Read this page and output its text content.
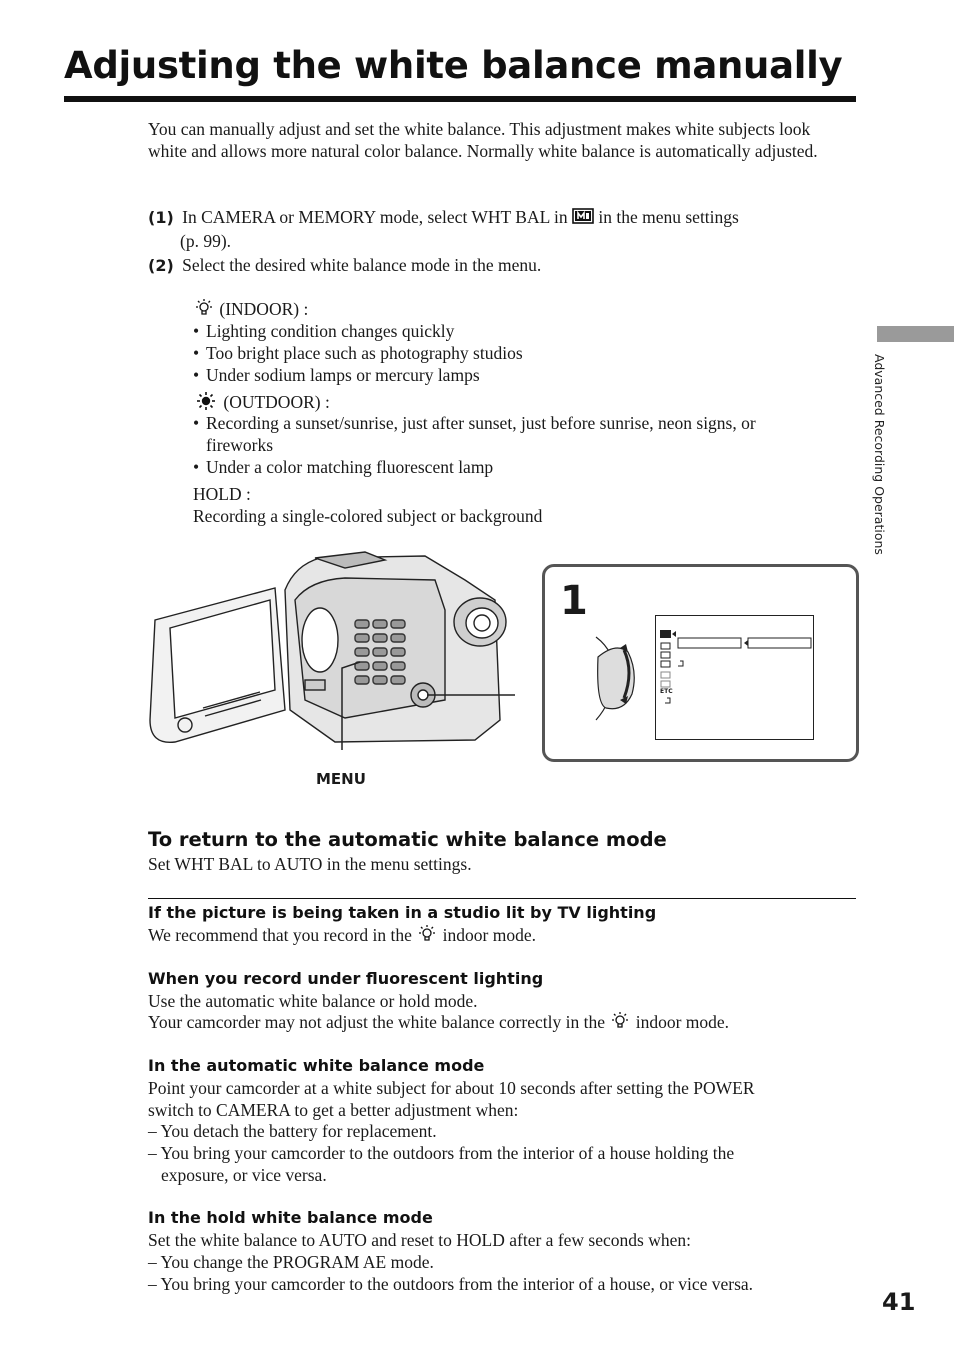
Adjusting the white balance manually
You can manually adjust and set the white balance. This adjustment makes white subjects look white and allows more natural color balance. Normally white balance is automatically adjusted.
(1) In CAMERA or MEMORY mode, select WHT BAL in in the menu settings
(p. 99).
(2) Select the desired white balance mode in the menu.
(INDOOR) :
• Lighting condition changes quickly
• Too bright place such as photography studios
• Under sodium lamps or mercury lamps
(OUTDOOR) :
• Recording a sunset/sunrise, just after sunset, just before sunrise, neon signs, or
fireworks
• Under a color matching fluorescent lamp
HOLD :
Recording a single-colored subject or background
MENU
1
ETC
To return to the automatic white balance mode
Set WHT BAL to AUTO in the menu settings.
If the picture is being taken in a studio lit by TV lighting
We recommend that you record in the indoor mode.
When you record under fluorescent lighting
Use the automatic white balance or hold mode.
Your camcorder may not adjust the white balance correctly in the indoor mode.
In the automatic white balance mode
Point your camcorder at a white subject for about 10 seconds after setting the POWER
switch to CAMERA to get a better adjustment when:
– You detach the battery for replacement.
– You bring your camcorder to the outdoors from the interior of a house holding the
exposure, or vice versa.
In the hold white balance mode
Set the white balance to AUTO and reset to HOLD after a few seconds when:
– You change the PROGRAM AE mode.
– You bring your camcorder to the outdoors from the interior of a house, or vice versa.
Advanced Recording Operations
41
